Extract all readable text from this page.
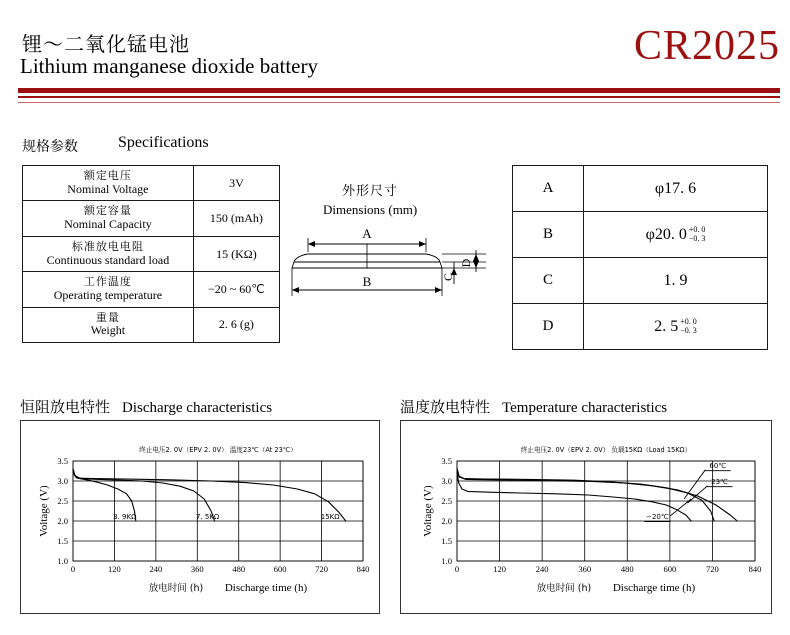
锂～二氧化锰电池
Lithium manganese dioxide battery	CR2025
规格参数	Specifications
额定电压
Nominal Voltage	3V

额定容量
Nominal Capacity	150 (mAh)

标准放电电阻
Continuous standard load	15 (KΩ)

工作温度
Operating temperature	−20 ~ 60℃

重量
Weight	2. 6 (g)
外形尺寸
Dimensions (mm)
A
B	C
D
A	φ17. 6
B	φ20. 0 +0. 0
−0. 3
C	1. 9
D	2. 5 +0. 0
−0. 3
恒阻放电特性 Discharge characteristics	温度放电特性 Temperature characteristics
终止电压2. 0V（EPV 2. 0V） 温度23℃（At 23℃）
3.5
3.0
2.5
2.0
1.5
1.0
0	120	240	360	480	600	720	840
Voltage (V)
放电时间 (h) Discharge time (h)
3. 9KΩ	7. 5KΩ	15KΩ
终止电压2. 0V（EPV 2. 0V） 负载15KΩ（Load 15KΩ）
3.5
3.0
2.5
2.0
1.5
1.0
0	120	240	360	480	600	720	840
Voltage (V)
放电时间 (h) Discharge time (h)
60℃
23℃
−20℃
